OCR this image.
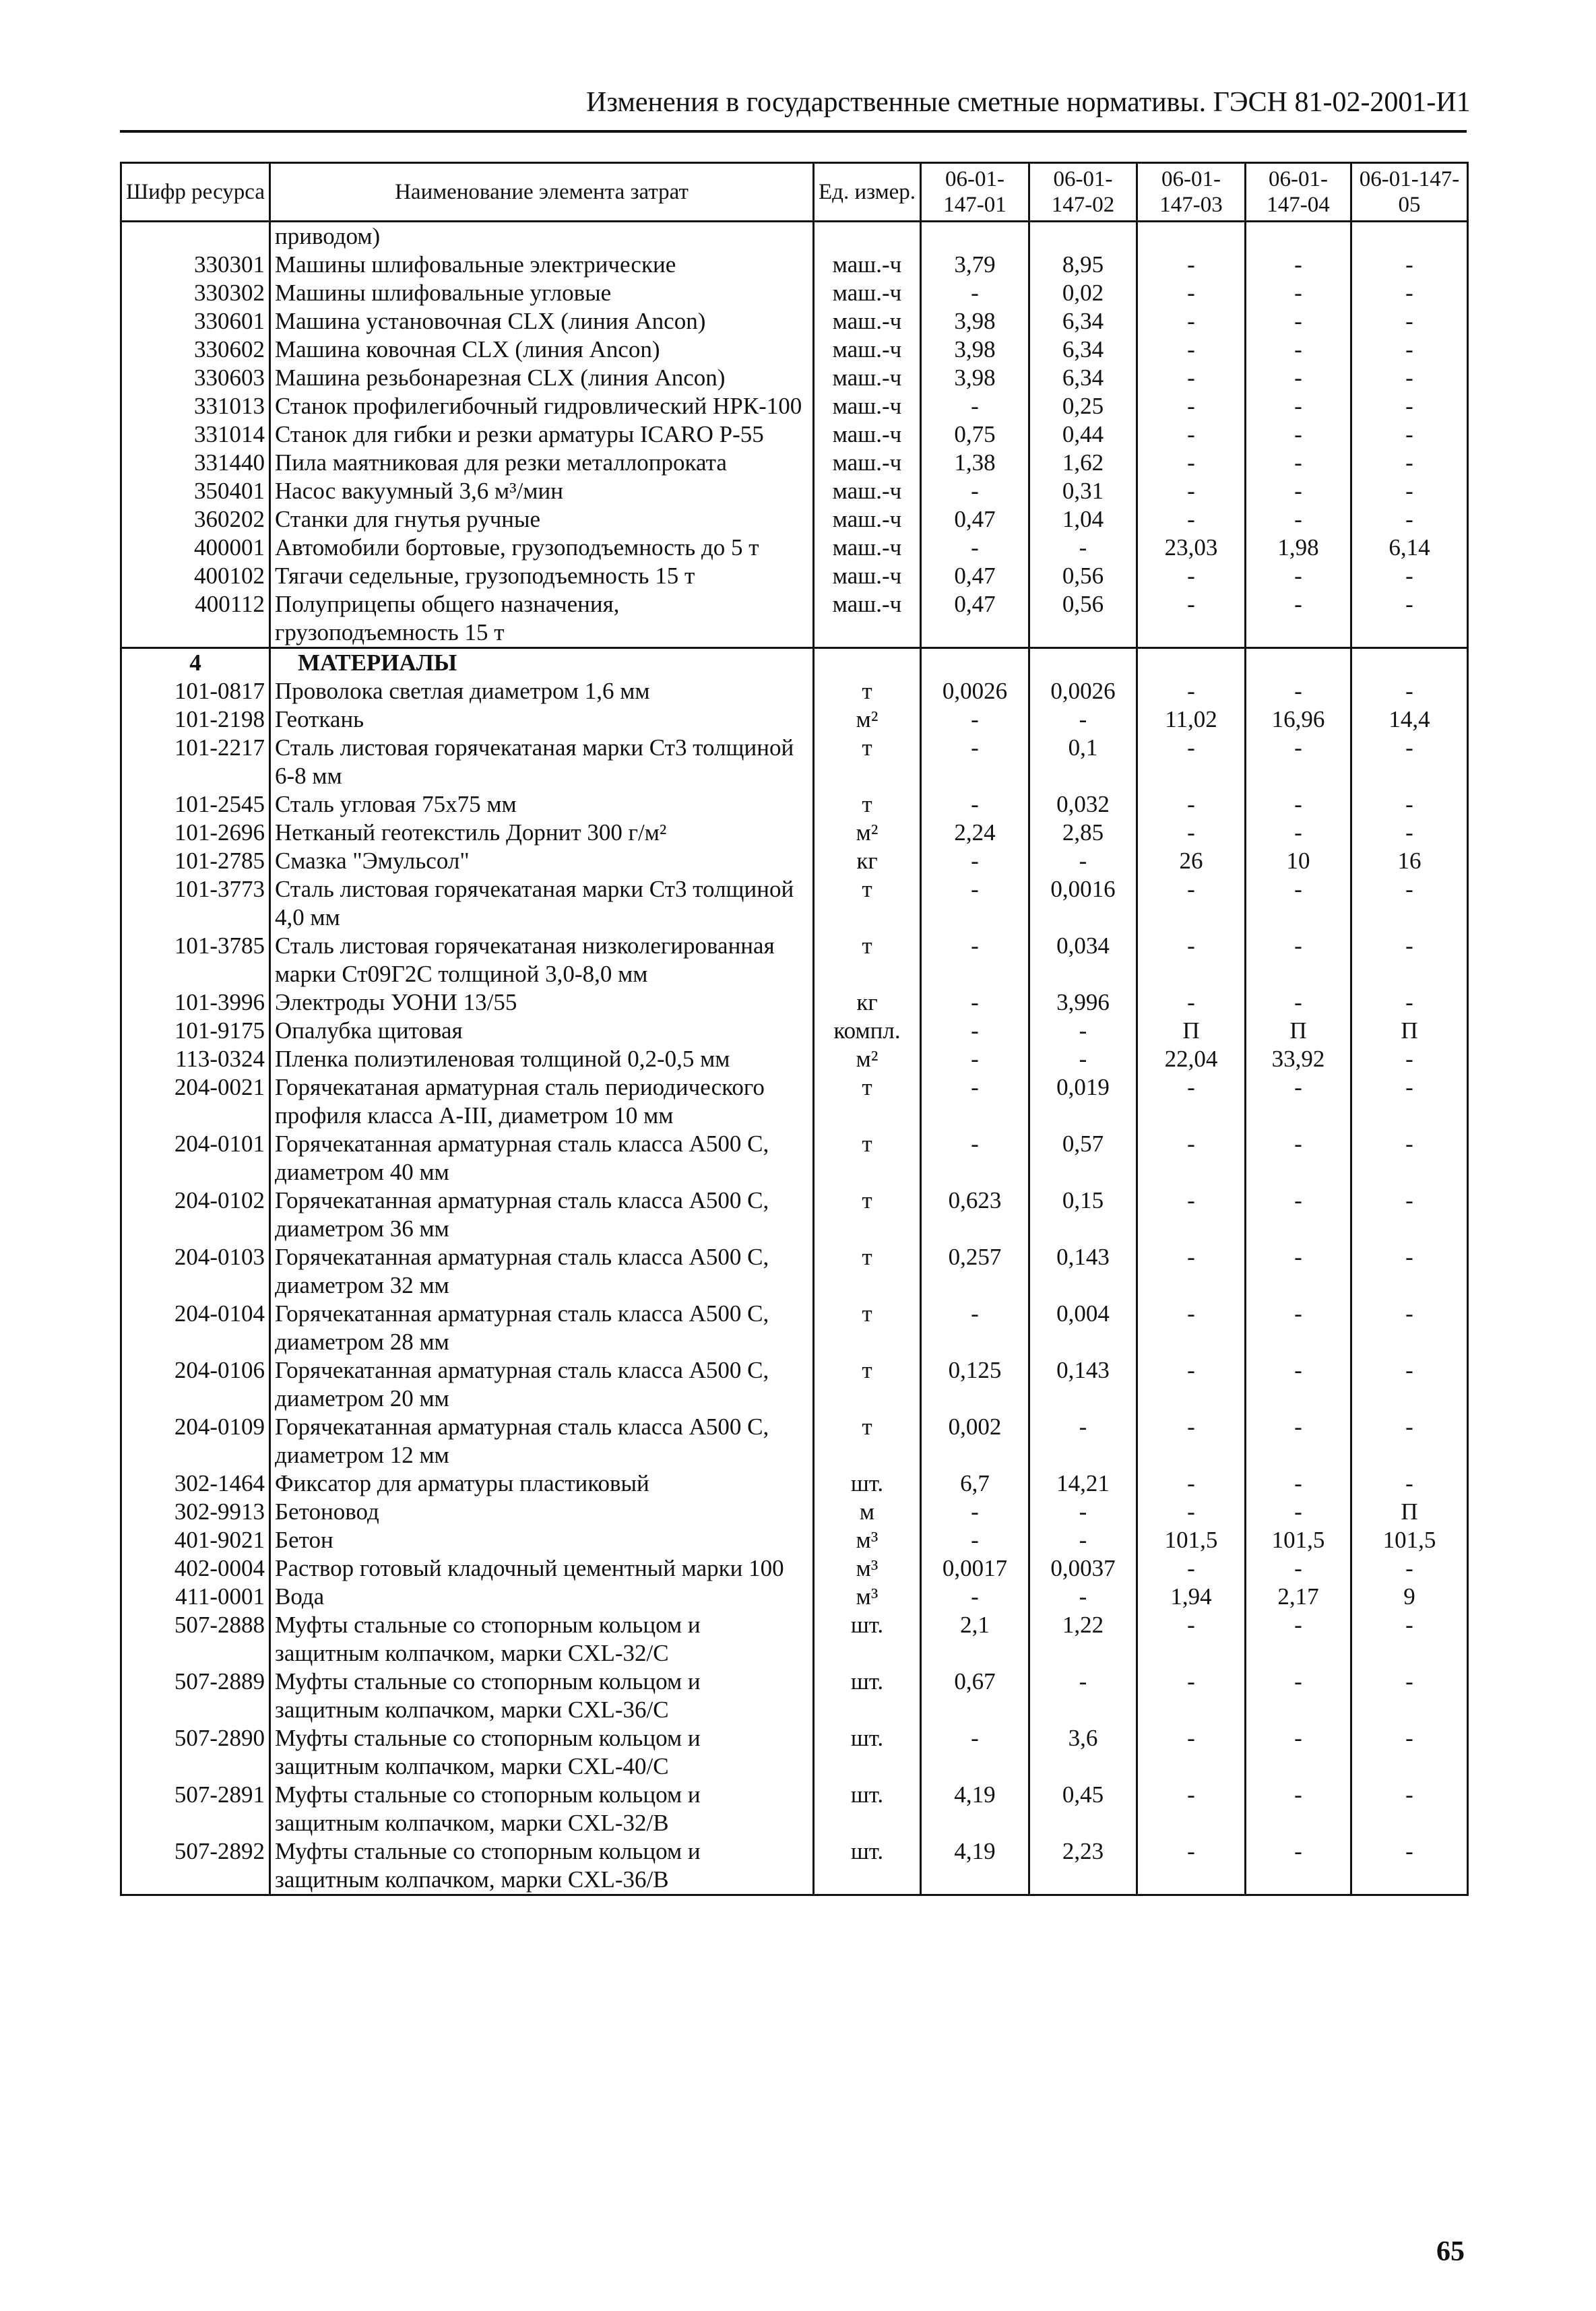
Изменения в государственные сметные нормативы. ГЭСН 81-02-2001-И1
Шифр ресурса	Наименование элемента затрат	Ед. измер.	06-01-147-01	06-01-147-02	06-01-147-03	06-01-147-04	06-01-147-05
	приводом)						
330301	Машины шлифовальные электрические	маш.-ч	3,79	8,95	-	-	-
330302	Машины шлифовальные угловые	маш.-ч	-	0,02	-	-	-
330601	Машина установочная CLX (линия Ancon)	маш.-ч	3,98	6,34	-	-	-
330602	Машина ковочная CLX (линия Ancon)	маш.-ч	3,98	6,34	-	-	-
330603	Машина резьбонарезная CLX (линия Ancon)	маш.-ч	3,98	6,34	-	-	-
331013	Станок профилегибочный гидровлический НРК-100	маш.-ч	-	0,25	-	-	-
331014	Станок для гибки и резки арматуры ICARO P-55	маш.-ч	0,75	0,44	-	-	-
331440	Пила маятниковая для резки металлопроката	маш.-ч	1,38	1,62	-	-	-
350401	Насос вакуумный 3,6 м³/мин	маш.-ч	-	0,31	-	-	-
360202	Станки для гнутья ручные	маш.-ч	0,47	1,04	-	-	-
400001	Автомобили бортовые, грузоподъемность до 5 т	маш.-ч	-	-	23,03	1,98	6,14
400102	Тягачи седельные, грузоподъемность 15 т	маш.-ч	0,47	0,56	-	-	-
400112	Полуприцепы общего назначения, грузоподъемность 15 т	маш.-ч	0,47	0,56	-	-	-
4	МАТЕРИАЛЫ						
101-0817	Проволока светлая диаметром 1,6 мм	т	0,0026	0,0026	-	-	-
101-2198	Геоткань	м²	-	-	11,02	16,96	14,4
101-2217	Сталь листовая горячекатаная марки Ст3 толщиной 6-8 мм	т	-	0,1	-	-	-
101-2545	Сталь угловая 75х75 мм	т	-	0,032	-	-	-
101-2696	Нетканый геотекстиль Дорнит 300 г/м²	м²	2,24	2,85	-	-	-
101-2785	Смазка "Эмульсол"	кг	-	-	26	10	16
101-3773	Сталь листовая горячекатаная марки Ст3 толщиной 4,0 мм	т	-	0,0016	-	-	-
101-3785	Сталь листовая горячекатаная низколегированная марки Ст09Г2С толщиной 3,0-8,0 мм	т	-	0,034	-	-	-
101-3996	Электроды УОНИ 13/55	кг	-	3,996	-	-	-
101-9175	Опалубка щитовая	компл.	-	-	П	П	П
113-0324	Пленка полиэтиленовая толщиной 0,2-0,5 мм	м²	-	-	22,04	33,92	-
204-0021	Горячекатаная арматурная сталь периодического профиля класса А-III, диаметром 10 мм	т	-	0,019	-	-	-
204-0101	Горячекатанная арматурная сталь класса А500 С, диаметром 40 мм	т	-	0,57	-	-	-
204-0102	Горячекатанная арматурная сталь класса А500 С, диаметром 36 мм	т	0,623	0,15	-	-	-
204-0103	Горячекатанная арматурная сталь класса А500 С, диаметром 32 мм	т	0,257	0,143	-	-	-
204-0104	Горячекатанная арматурная сталь класса А500 С, диаметром 28 мм	т	-	0,004	-	-	-
204-0106	Горячекатанная арматурная сталь класса А500 С, диаметром 20 мм	т	0,125	0,143	-	-	-
204-0109	Горячекатанная арматурная сталь класса А500 С, диаметром 12 мм	т	0,002	-	-	-	-
302-1464	Фиксатор для арматуры пластиковый	шт.	6,7	14,21	-	-	-
302-9913	Бетоновод	м	-	-	-	-	П
401-9021	Бетон	м³	-	-	101,5	101,5	101,5
402-0004	Раствор готовый кладочный цементный марки 100	м³	0,0017	0,0037	-	-	-
411-0001	Вода	м³	-	-	1,94	2,17	9
507-2888	Муфты стальные со стопорным кольцом и защитным колпачком, марки CXL-32/C	шт.	2,1	1,22	-	-	-
507-2889	Муфты стальные со стопорным кольцом и защитным колпачком, марки CXL-36/C	шт.	0,67	-	-	-	-
507-2890	Муфты стальные со стопорным кольцом и защитным колпачком, марки CXL-40/C	шт.	-	3,6	-	-	-
507-2891	Муфты стальные со стопорным кольцом и защитным колпачком, марки CXL-32/B	шт.	4,19	0,45	-	-	-
507-2892	Муфты стальные со стопорным кольцом и защитным колпачком, марки CXL-36/B	шт.	4,19	2,23	-	-	-
65
